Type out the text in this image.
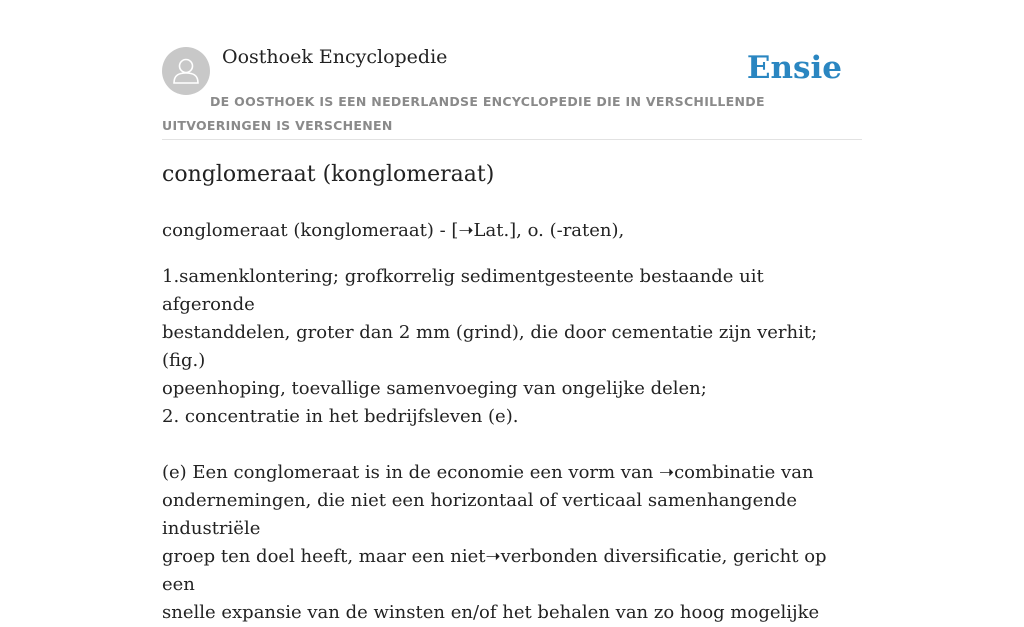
Oosthoek Encyclopedie	Ensie
DE OOSTHOEK IS EEN NEDERLANDSE ENCYCLOPEDIE DIE IN VERSCHILLENDE UITVOERINGEN IS VERSCHENEN
conglomeraat (konglomeraat)

conglomeraat (konglomeraat) - [➝Lat.], o. (-raten),

1.samenklontering; grofkorrelig sedimentgesteente bestaande uit afgeronde

bestanddelen, groter dan 2 mm (grind), die door cementatie zijn verhit; (fig.)

opeenhoping, toevallige samenvoeging van ongelijke delen;

2. concentratie in het bedrijfsleven (e).

(e) Een conglomeraat is in de economie een vorm van ➝combinatie van

ondernemingen, die niet een horizontaal of verticaal samenhangende industriële

groep ten doel heeft, maar een niet➝verbonden diversificatie, gericht op een

snelle expansie van de winsten en/of het behalen van zo hoog mogelijke
